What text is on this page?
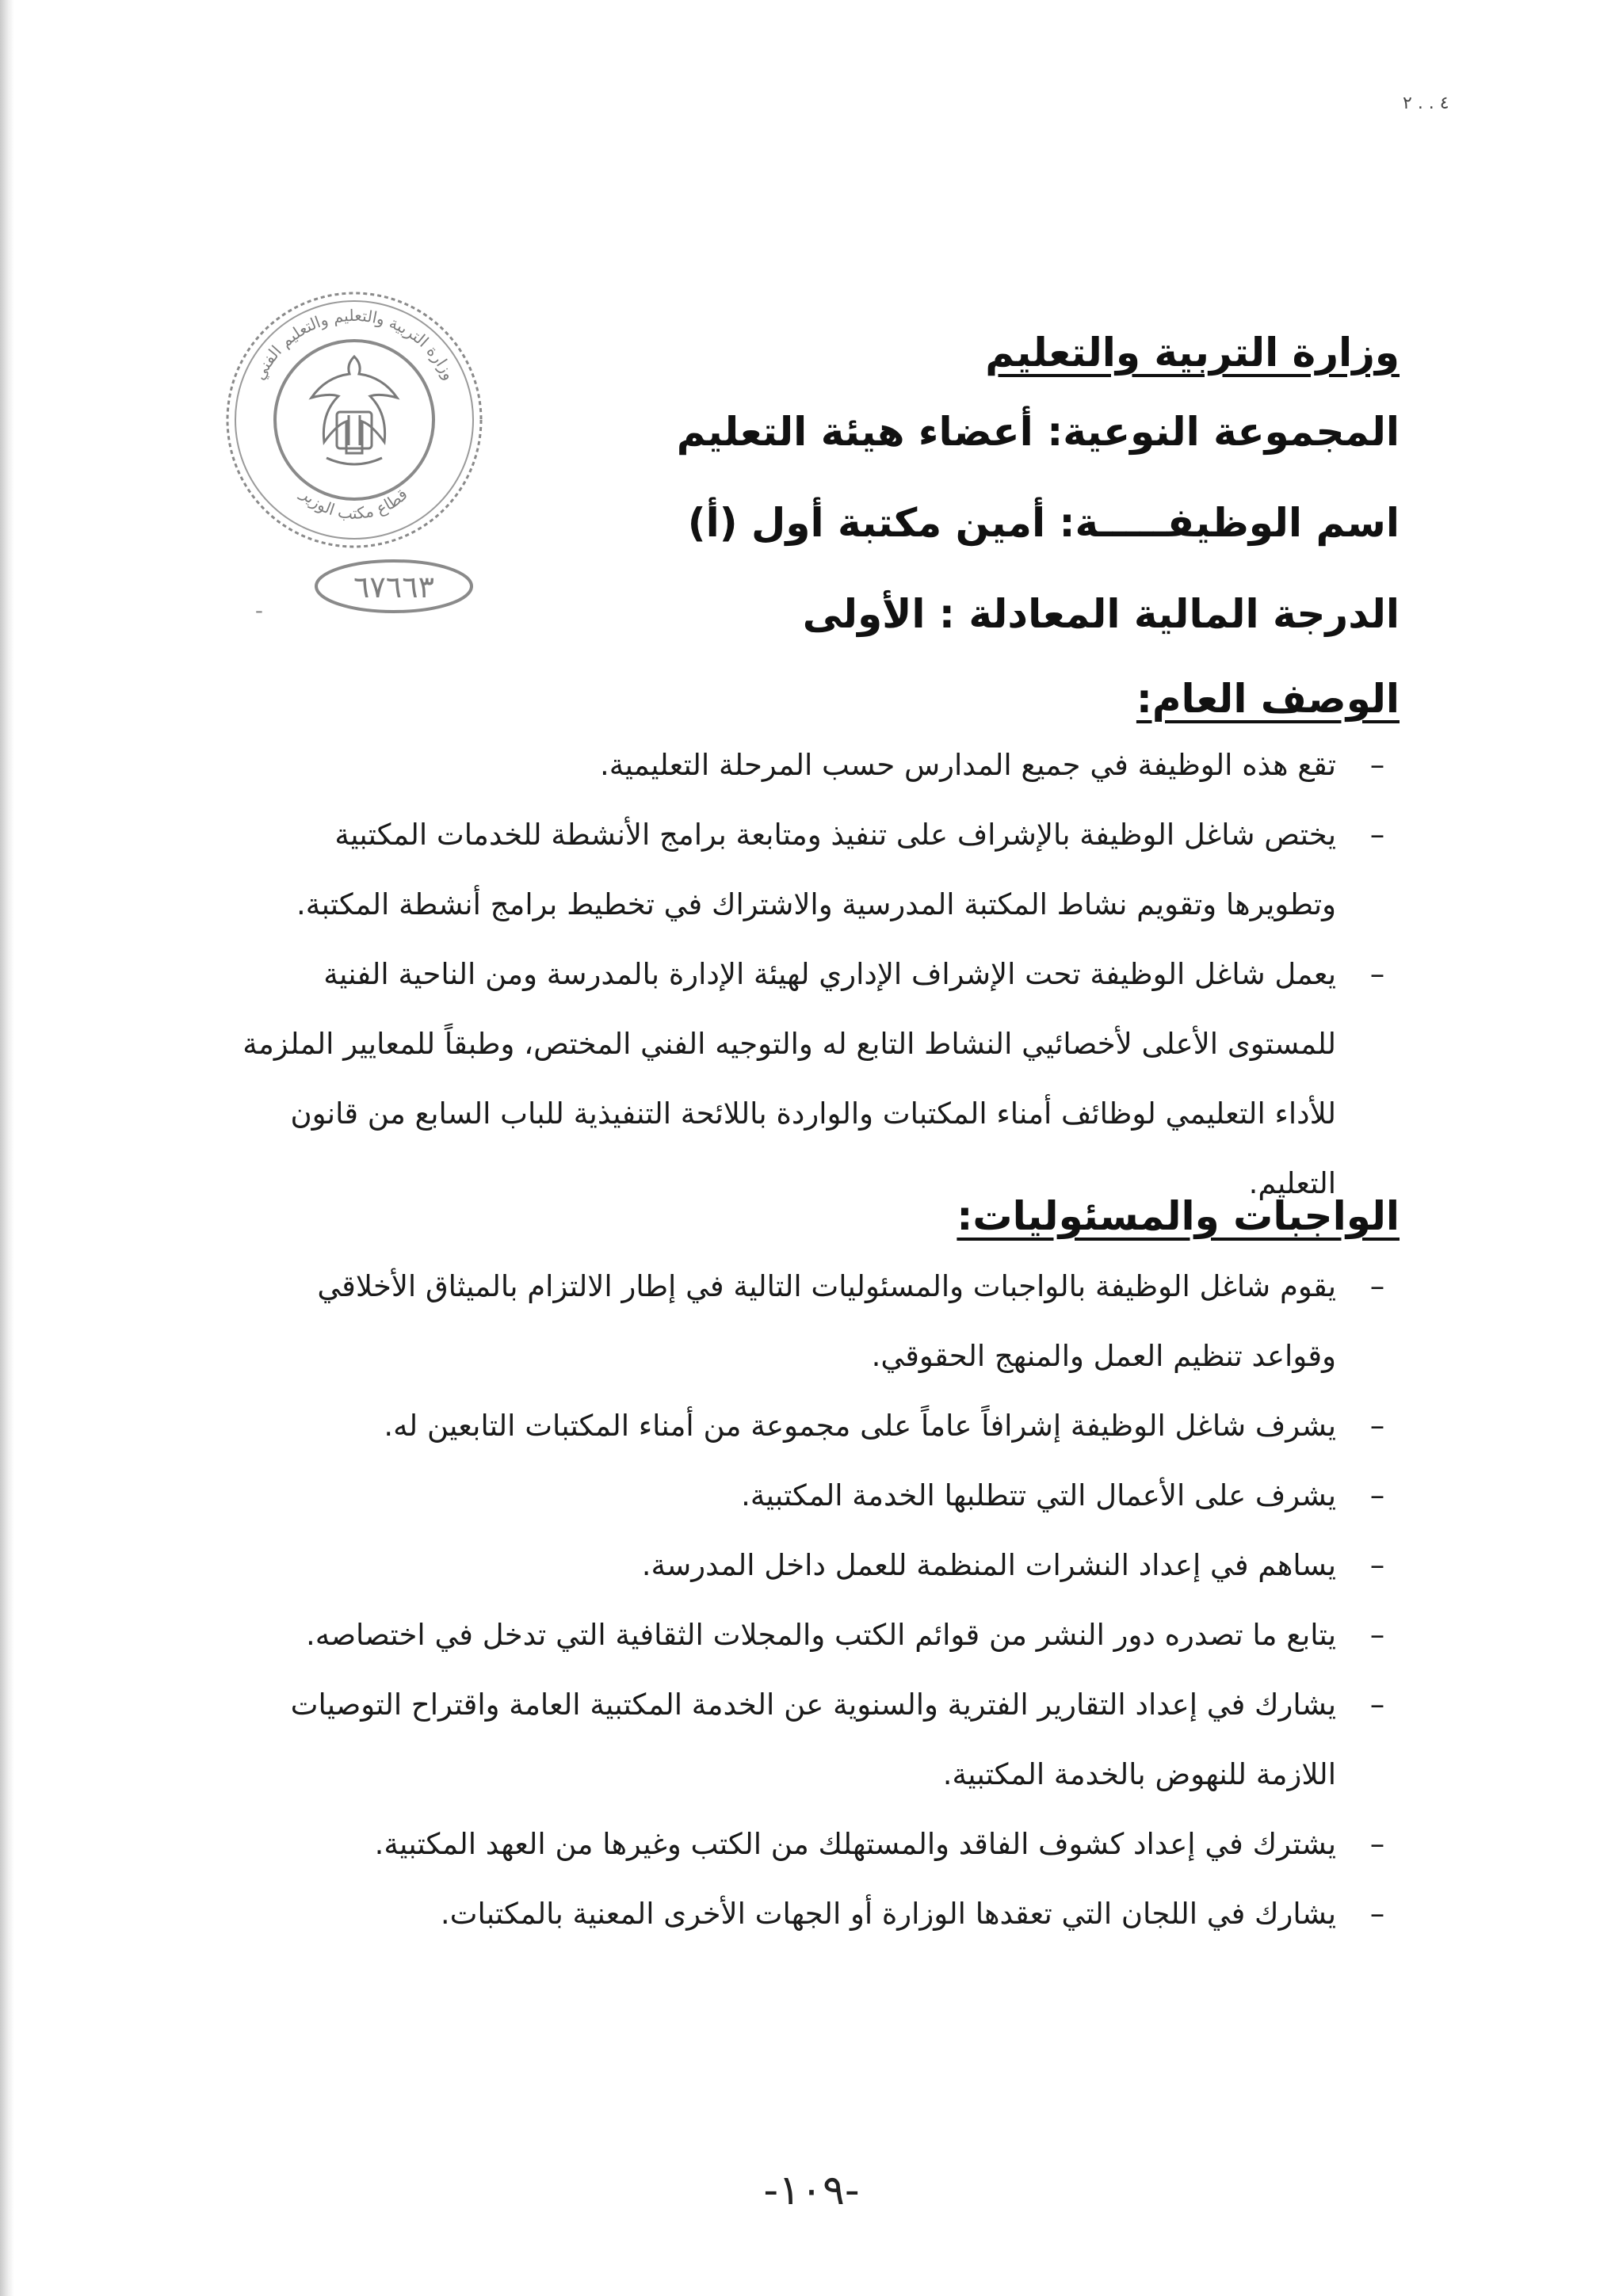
٤ . . ٢
وزارة التربية والتعليم والتعليم الفني
قطاع مكتب الوزير
٦٧٦٦٣
-
وزارة التربية والتعليم
المجموعة النوعية: أعضاء هيئة التعليم
اسم الوظيفـــــة: أمين مكتبة أول (أ)
الدرجة المالية المعادلة : الأولى
الوصف العام:
–
تقع هذه الوظيفة في جميع المدارس حسب المرحلة التعليمية.
–
يختص شاغل الوظيفة بالإشراف على تنفيذ ومتابعة برامج الأنشطة للخدمات المكتبية وتطويرها وتقويم نشاط المكتبة المدرسية والاشتراك في تخطيط برامج أنشطة المكتبة.
–
يعمل شاغل الوظيفة تحت الإشراف الإداري لهيئة الإدارة بالمدرسة ومن الناحية الفنية للمستوى الأعلى لأخصائيي النشاط التابع له والتوجيه الفني المختص، وطبقاً للمعايير الملزمة للأداء التعليمي لوظائف أمناء المكتبات والواردة باللائحة التنفيذية للباب السابع من قانون التعليم.
الواجبات والمسئوليات:
–
يقوم شاغل الوظيفة بالواجبات والمسئوليات التالية في إطار الالتزام بالميثاق الأخلاقي وقواعد تنظيم العمل والمنهج الحقوقي.
–
يشرف شاغل الوظيفة إشرافاً عاماً على مجموعة من أمناء المكتبات التابعين له.
–
يشرف على الأعمال التي تتطلبها الخدمة المكتبية.
–
يساهم في إعداد النشرات المنظمة للعمل داخل المدرسة.
–
يتابع ما تصدره دور النشر من قوائم الكتب والمجلات الثقافية التي تدخل في اختصاصه.
–
يشارك في إعداد التقارير الفترية والسنوية عن الخدمة المكتبية العامة واقتراح التوصيات اللازمة للنهوض بالخدمة المكتبية.
–
يشترك في إعداد كشوف الفاقد والمستهلك من الكتب وغيرها من العهد المكتبية.
–
يشارك في اللجان التي تعقدها الوزارة أو الجهات الأخرى المعنية بالمكتبات.
-١٠٩-
